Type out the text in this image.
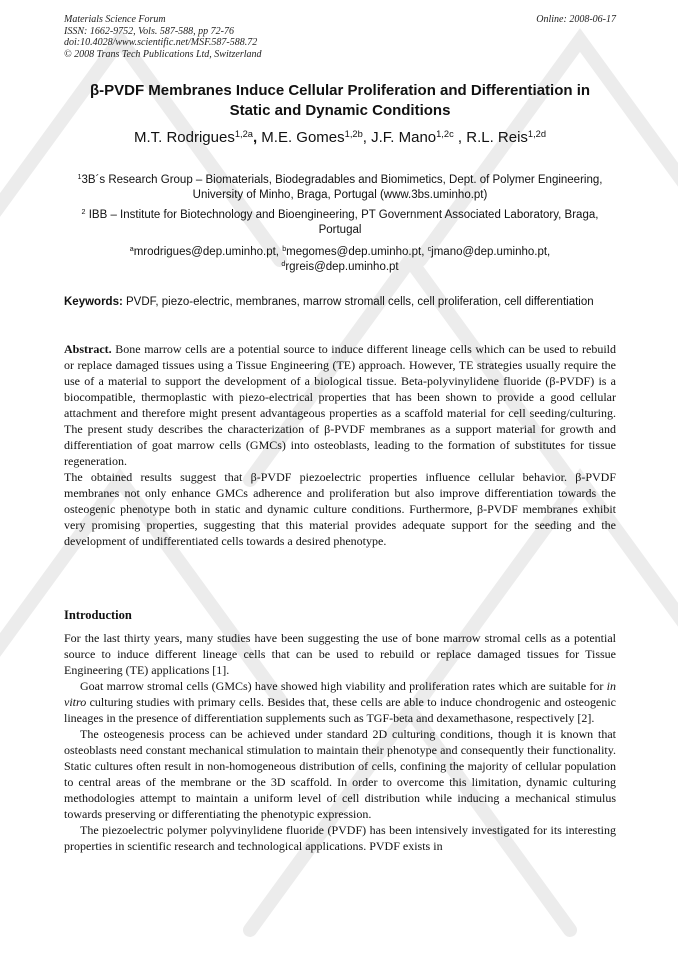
Materials Science Forum
ISSN: 1662-9752, Vols. 587-588, pp 72-76
doi:10.4028/www.scientific.net/MSF.587-588.72
© 2008 Trans Tech Publications Ltd, Switzerland
Online: 2008-06-17
β-PVDF Membranes Induce Cellular Proliferation and Differentiation in
Static and Dynamic Conditions
M.T. Rodrigues$^{1,2a}$, M.E. Gomes$^{1,2b}$, J.F. Mano$^{1,2c}$ , R.L. Reis$^{1,2d}$
$^1$3B´s Research Group – Biomaterials, Biodegradables and Biomimetics, Dept. of Polymer Engineering, University of Minho, Braga, Portugal (www.3bs.uminho.pt)
$^2$ IBB – Institute for Biotechnology and Bioengineering, PT Government Associated Laboratory, Braga, Portugal
$^a$mrodrigues@dep.uminho.pt, $^b$megomes@dep.uminho.pt, $^c$jmano@dep.uminho.pt,
$^d$rgreis@dep.uminho.pt
Keywords: PVDF, piezo-electric, membranes, marrow stromall cells, cell proliferation, cell differentiation

Abstract. Bone marrow cells are a potential source to induce different lineage cells which can be used to rebuild or replace damaged tissues using a Tissue Engineering (TE) approach. However, TE strategies usually require the use of a material to support the development of a biological tissue. Beta-polyvinylidene fluoride (β-PVDF) is a biocompatible, thermoplastic with piezo-electrical properties that has been shown to provide a good cellular attachment and therefore might present advantageous properties as a scaffold material for cell seeding/culturing. The present study describes the characterization of β-PVDF membranes as a support material for growth and differentiation of goat marrow cells (GMCs) into osteoblasts, leading to the formation of substitutes for tissue regeneration.

The obtained results suggest that β-PVDF piezoelectric properties influence cellular behavior. β-PVDF membranes not only enhance GMCs adherence and proliferation but also improve differentiation towards the osteogenic phenotype both in static and dynamic culture conditions. Furthermore, β-PVDF membranes exhibit very promising properties, suggesting that this material provides adequate support for the seeding and the development of undifferentiated cells towards a desired phenotype.

Introduction

For the last thirty years, many studies have been suggesting the use of bone marrow stromal cells as a potential source to induce different lineage cells that can be used to rebuild or replace damaged tissues for Tissue Engineering (TE) applications [1].

Goat marrow stromal cells (GMCs) have showed high viability and proliferation rates which are suitable for in vitro culturing studies with primary cells. Besides that, these cells are able to induce chondrogenic and osteogenic lineages in the presence of differentiation supplements such as TGF-beta and dexamethasone, respectively [2].

The osteogenesis process can be achieved under standard 2D culturing conditions, though it is known that osteoblasts need constant mechanical stimulation to maintain their phenotype and consequently their functionality. Static cultures often result in non-homogeneous distribution of cells, confining the majority of cellular population to central areas of the membrane or the 3D scaffold. In order to overcome this limitation, dynamic culturing methodologies attempt to maintain a uniform level of cell distribution while inducing a mechanical stimulus towards preserving or differentiating the phenotypic expression.

The piezoelectric polymer polyvinylidene fluoride (PVDF) has been intensively investigated for its interesting properties in scientific research and technological applications. PVDF exists in
